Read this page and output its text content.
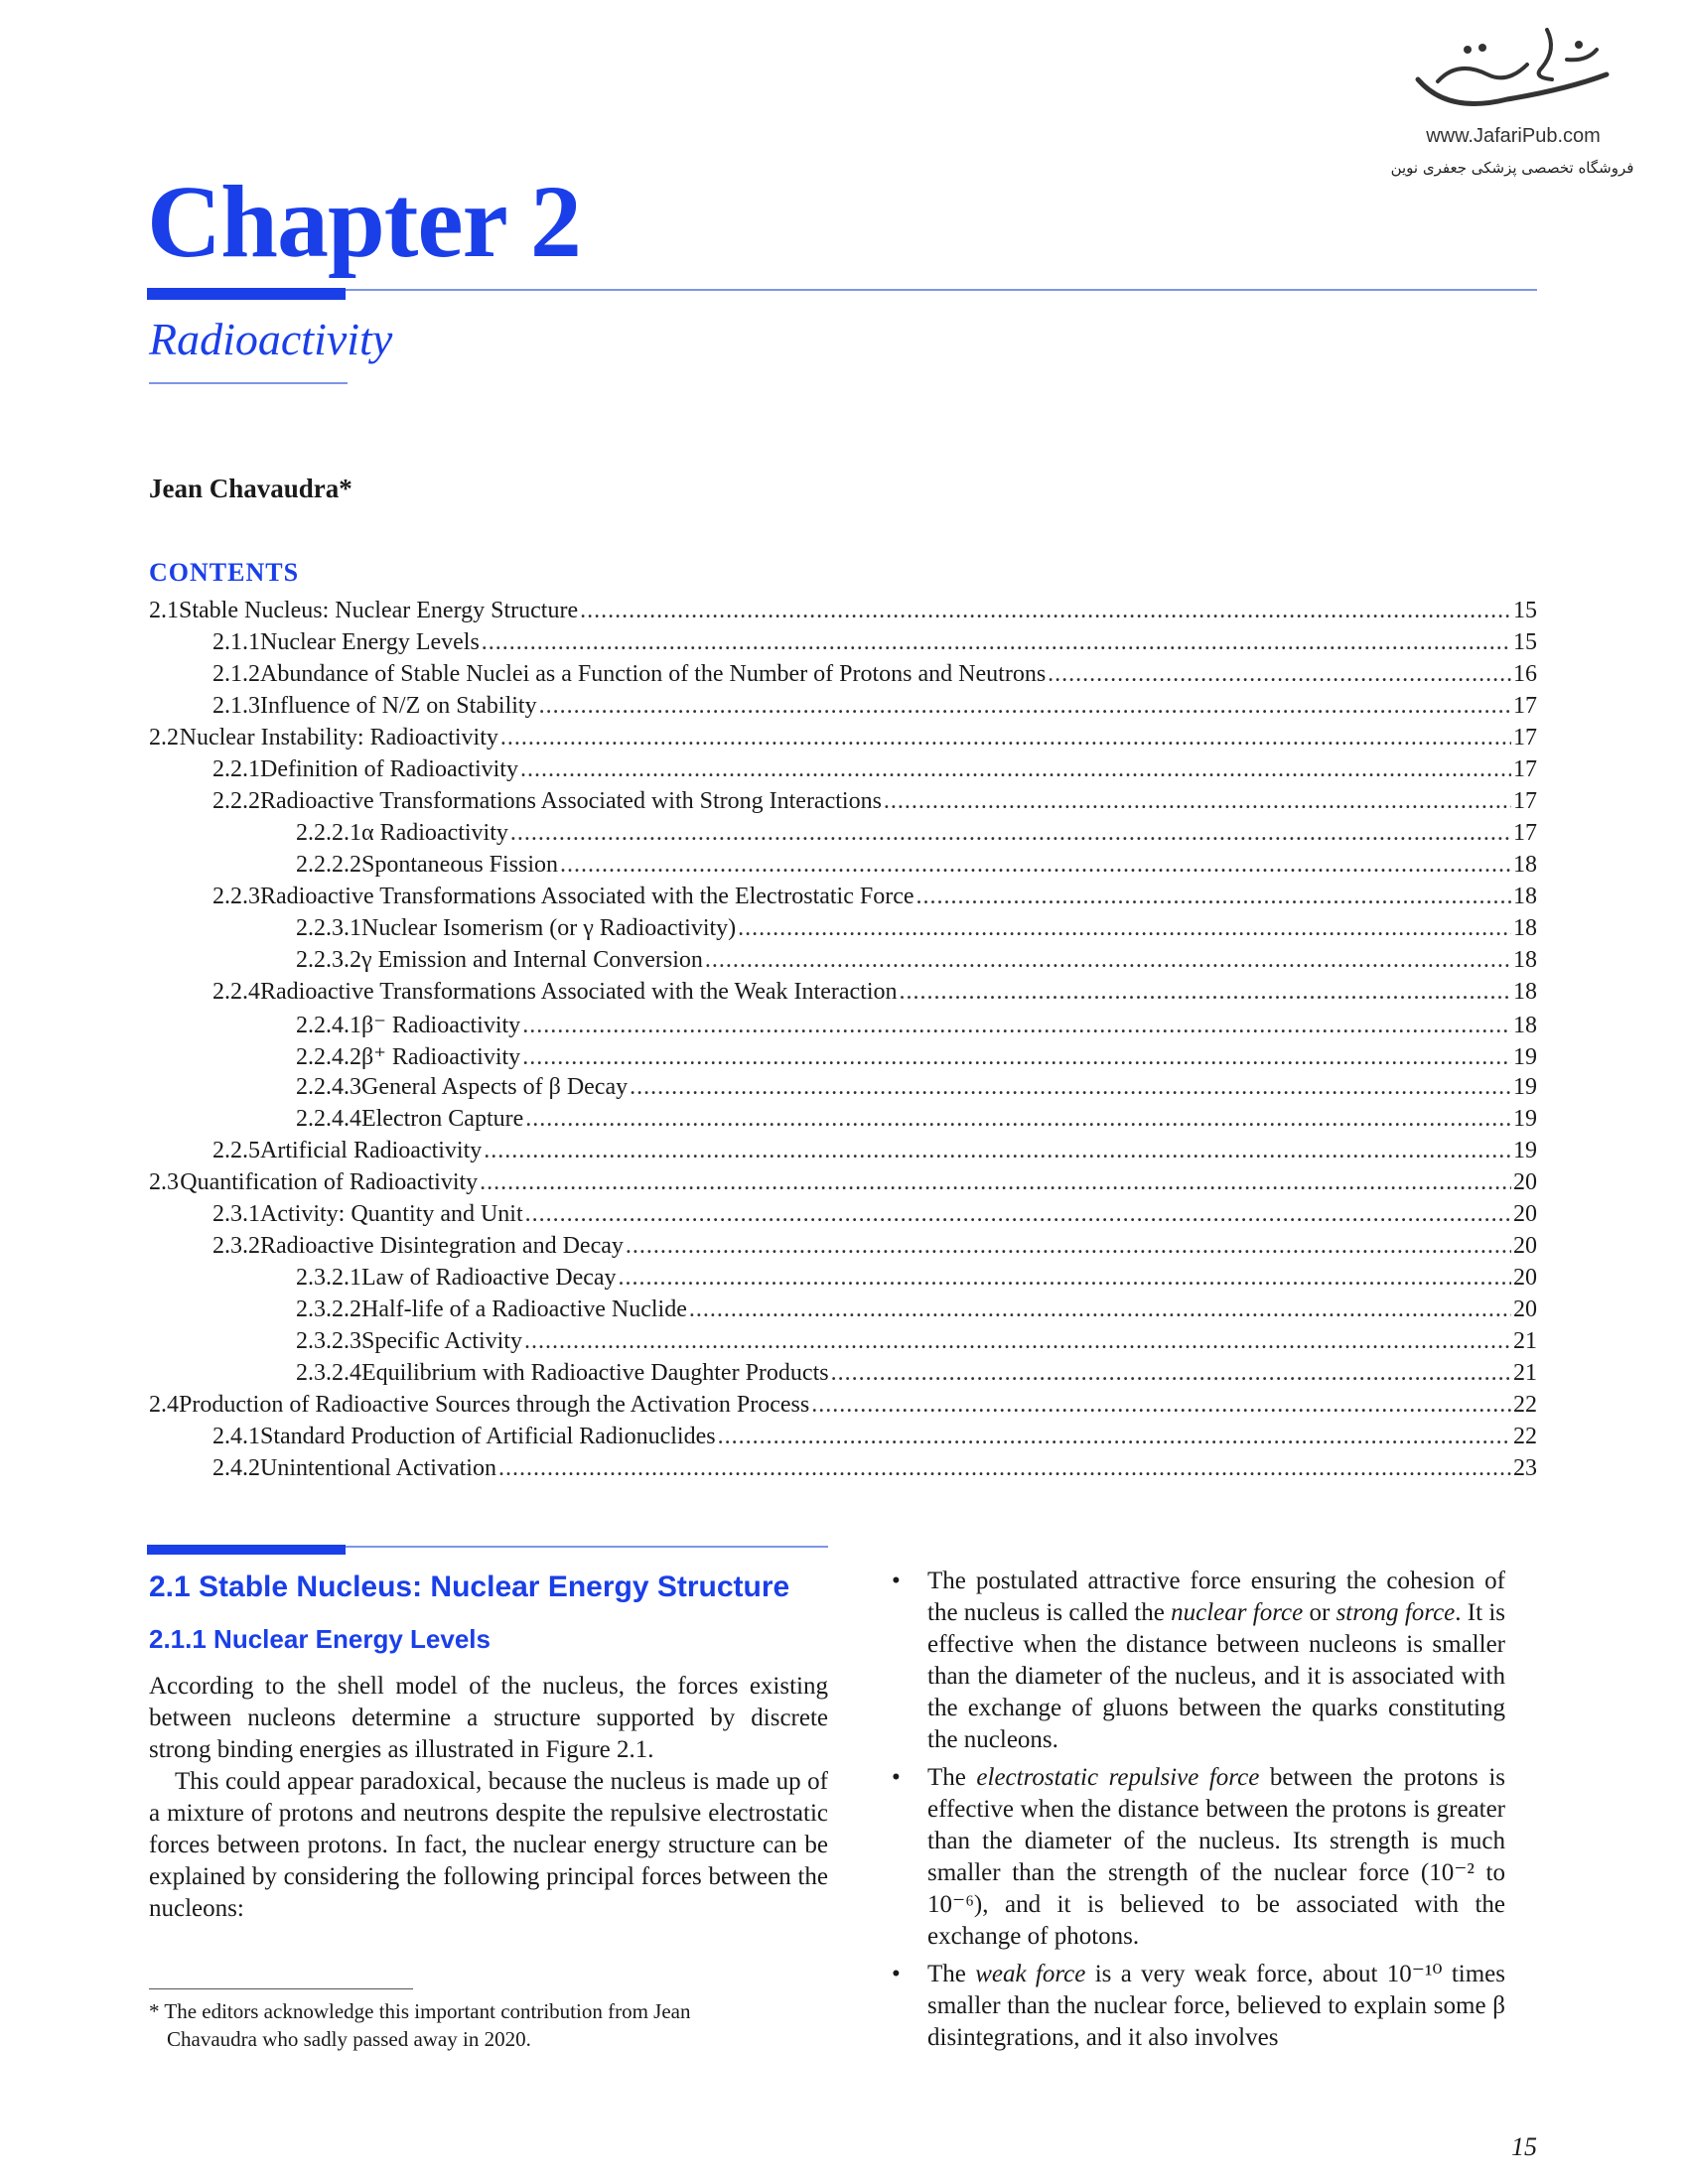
www.JafariPub.com
فروشگاه تخصصی پزشکی جعفری نوین
Chapter 2
Radioactivity
Jean Chavaudra*
CONTENTS
2.1 Stable Nucleus: Nuclear Energy Structure .....	15
2.1.1 Nuclear Energy Levels .....	15
2.1.2 Abundance of Stable Nuclei as a Function of the Number of Protons and Neutrons .....	16
2.1.3 Influence of N/Z on Stability .....	17
2.2 Nuclear Instability: Radioactivity .....	17
2.2.1 Definition of Radioactivity .....	17
2.2.2 Radioactive Transformations Associated with Strong Interactions .....	17
2.2.2.1 α Radioactivity .....	17
2.2.2.2 Spontaneous Fission .....	18
2.2.3 Radioactive Transformations Associated with the Electrostatic Force .....	18
2.2.3.1 Nuclear Isomerism (or γ Radioactivity) .....	18
2.2.3.2 γ Emission and Internal Conversion .....	18
2.2.4 Radioactive Transformations Associated with the Weak Interaction .....	18
2.2.4.1 β⁻ Radioactivity .....	18
2.2.4.2 β⁺ Radioactivity .....	19
2.2.4.3 General Aspects of β Decay .....	19
2.2.4.4 Electron Capture .....	19
2.2.5 Artificial Radioactivity .....	19
2.3 Quantification of Radioactivity .....	20
2.3.1 Activity: Quantity and Unit .....	20
2.3.2 Radioactive Disintegration and Decay .....	20
2.3.2.1 Law of Radioactive Decay .....	20
2.3.2.2 Half-life of a Radioactive Nuclide .....	20
2.3.2.3 Specific Activity .....	21
2.3.2.4 Equilibrium with Radioactive Daughter Products .....	21
2.4 Production of Radioactive Sources through the Activation Process .....	22
2.4.1 Standard Production of Artificial Radionuclides .....	22
2.4.2 Unintentional Activation .....	23
2.1 Stable Nucleus: Nuclear Energy Structure
2.1.1 Nuclear Energy Levels

According to the shell model of the nucleus, the forces existing between nucleons determine a structure supported by discrete strong binding energies as illustrated in Figure 2.1.

This could appear paradoxical, because the nucleus is made up of a mixture of protons and neutrons despite the repulsive electrostatic forces between protons. In fact, the nuclear energy structure can be explained by considering the following principal forces between the nucleons:

• The postulated attractive force ensuring the cohesion of the nucleus is called the nuclear force or strong force. It is effective when the distance between nucleons is smaller than the diameter of the nucleus, and it is associated with the exchange of gluons between the quarks constituting the nucleons.
• The electrostatic repulsive force between the protons is effective when the distance between the protons is greater than the diameter of the nucleus. Its strength is much smaller than the strength of the nuclear force (10⁻² to 10⁻⁶), and it is believed to be associated with the exchange of photons.
• The weak force is a very weak force, about 10⁻¹⁰ times smaller than the nuclear force, believed to explain some β disintegrations, and it also involves
* The editors acknowledge this important contribution from Jean
Chavaudra who sadly passed away in 2020.
15
